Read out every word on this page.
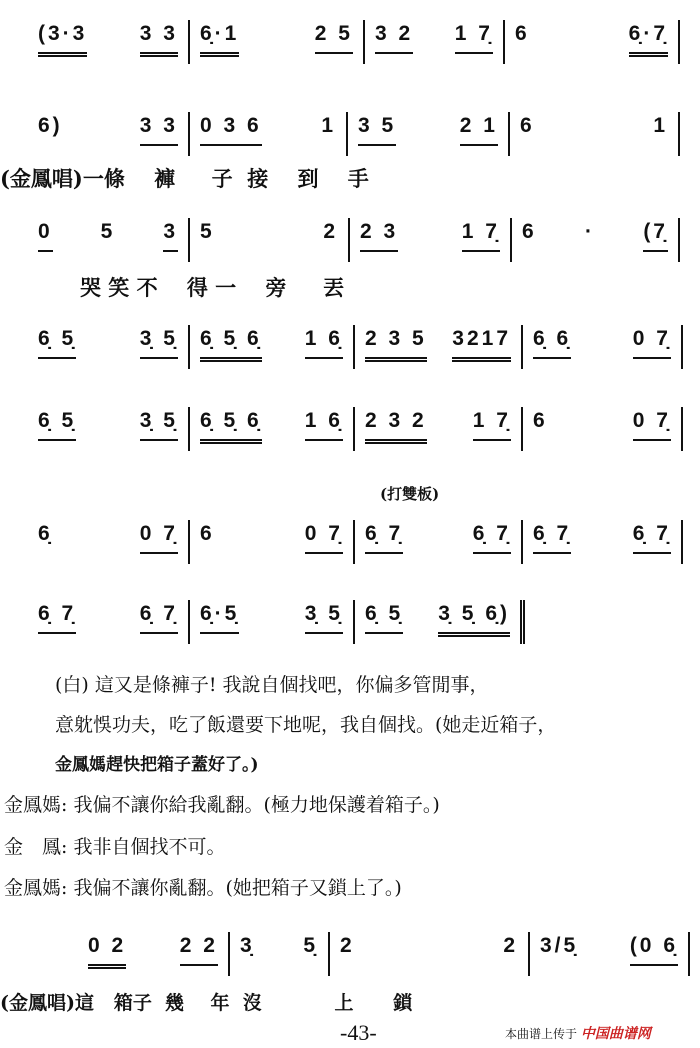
(3·3 3 3 6̣·1	2 5 3 2 1 7̣ 6	6̣·7̣
6)	3 3 0 3 6	1 3 5	2 1 6	1
0 5 3 5	2 2 3	1 7̣ 6 · (7̣
6̣ 5̣	3̣ 5̣ 6̣ 5̣ 6̣ 1 6̣ 2 3 5 3217 6̣ 6̣	0 7̣
6̣ 5̣	3̣ 5̣ 6̣ 5̣ 6̣ 1 6̣ 2 3 2 1 7̣ 6	0 7̣
6̣	0 7̣ 6	0 7̣ 6̣ 7̣	6̣ 7̣ 6̣ 7̣	6̣ 7̣
6̣ 7̣	6̣ 7̣ 6̣·5̣	3̣ 5̣ 6̣ 5̣ 3̣ 5̣ 6̣)
0 2	2 2 3̣ 5̣ 2	2 3/5̣ (0 6̣
(金鳳唱)一條    褲     子  接    到    手
哭 笑 不    得 一    旁     丟
(打雙板)
(白) 這又是條褲子! 我說自個找吧，你偏多管閒事，
意躭悞功夫，吃了飯還要下地呢，我自個找。(她走近箱子，
金鳳媽趕快把箱子蓋好了。)
金鳳媽: 我偏不讓你給我亂翻。(極力地保護着箱子。)
金　鳳: 我非自個找不可。
金鳳媽: 我偏不讓你亂翻。(她把箱子又鎖上了。)
(金鳳唱)這   箱子  幾    年  沒           上      鎖
-43-	本曲谱上传于 中国曲谱网
